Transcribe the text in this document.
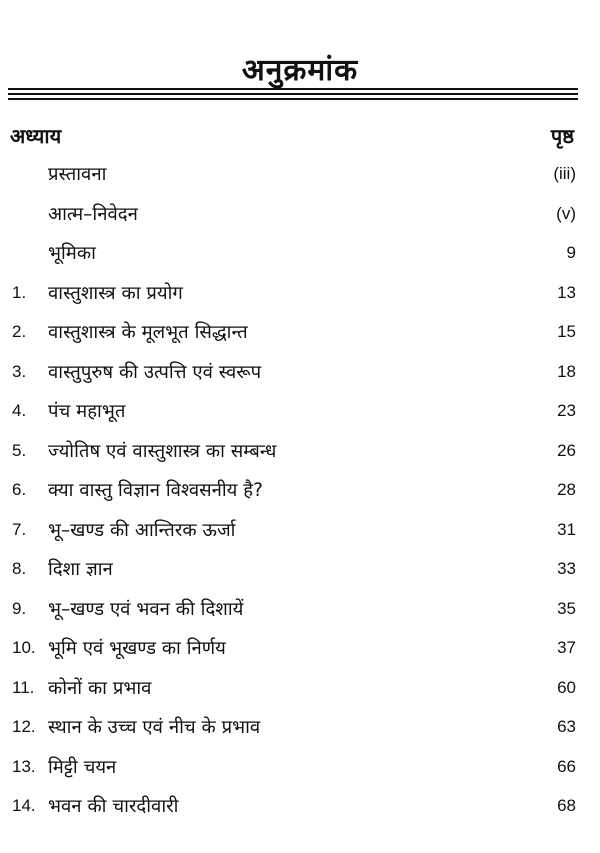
अनुक्रमांक
अध्याय	पृष्ठ
प्रस्तावना	(iii)
आत्म–निवेदन	(v)
भूमिका	9
1. वास्तुशास्त्र का प्रयोग	13
2. वास्तुशास्त्र के मूलभूत सिद्धान्त	15
3. वास्तुपुरुष की उत्पत्ति एवं स्वरूप	18
4. पंच महाभूत	23
5. ज्योतिष एवं वास्तुशास्त्र का सम्बन्ध	26
6. क्या वास्तु विज्ञान विश्वसनीय है?	28
7. भू–खण्ड की आन्तिरक ऊर्जा	31
8. दिशा ज्ञान	33
9. भू–खण्ड एवं भवन की दिशायें	35
10. भूमि एवं भूखण्ड का निर्णय	37
11. कोनों का प्रभाव	60
12. स्थान के उच्च एवं नीच के प्रभाव	63
13. मिट्टी चयन	66
14. भवन की चारदीवारी	68
